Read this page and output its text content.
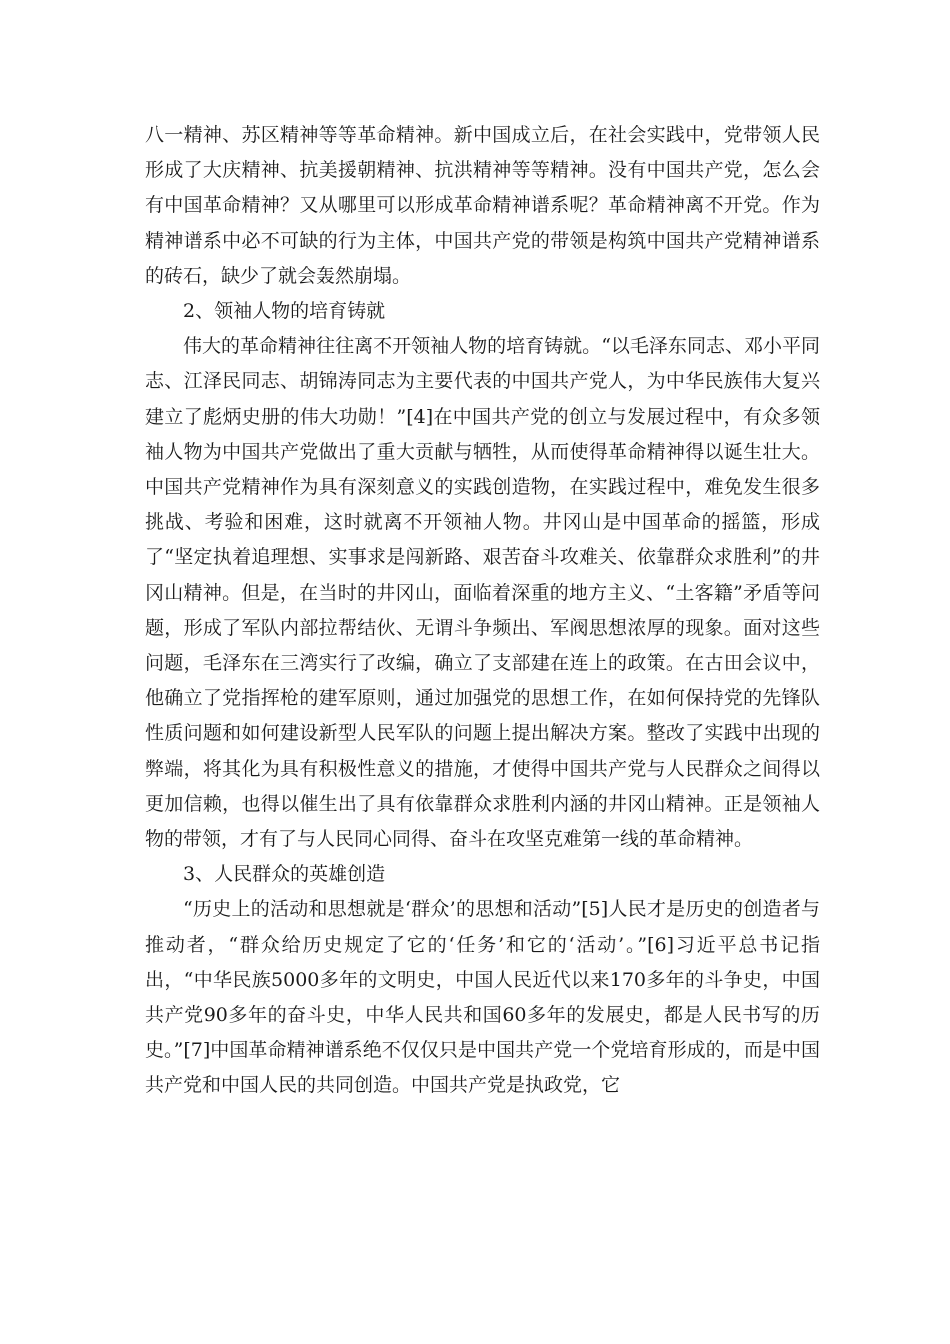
八一精神、苏区精神等等革命精神。新中国成立后，在社会实践中，党带领人民形成了大庆精神、抗美援朝精神、抗洪精神等等精神。没有中国共产党，怎么会有中国革命精神？又从哪里可以形成革命精神谱系呢？革命精神离不开党。作为精神谱系中必不可缺的行为主体，中国共产党的带领是构筑中国共产党精神谱系的砖石，缺少了就会轰然崩塌。

2、领袖人物的培育铸就

伟大的革命精神往往离不开领袖人物的培育铸就。“以毛泽东同志、邓小平同志、江泽民同志、胡锦涛同志为主要代表的中国共产党人，为中华民族伟大复兴建立了彪炳史册的伟大功勋！”[4]在中国共产党的创立与发展过程中，有众多领袖人物为中国共产党做出了重大贡献与牺牲，从而使得革命精神得以诞生壮大。中国共产党精神作为具有深刻意义的实践创造物，在实践过程中，难免发生很多挑战、考验和困难，这时就离不开领袖人物。井冈山是中国革命的摇篮，形成了“坚定执着追理想、实事求是闯新路、艰苦奋斗攻难关、依靠群众求胜利”的井冈山精神。但是，在当时的井冈山，面临着深重的地方主义、“土客籍”矛盾等问题，形成了军队内部拉帮结伙、无谓斗争频出、军阀思想浓厚的现象。面对这些问题，毛泽东在三湾实行了改编，确立了支部建在连上的政策。在古田会议中，他确立了党指挥枪的建军原则，通过加强党的思想工作，在如何保持党的先锋队性质问题和如何建设新型人民军队的问题上提出解决方案。整改了实践中出现的弊端，将其化为具有积极性意义的措施，才使得中国共产党与人民群众之间得以更加信赖，也得以催生出了具有依靠群众求胜利内涵的井冈山精神。正是领袖人物的带领，才有了与人民同心同得、奋斗在攻坚克难第一线的革命精神。

3、人民群众的英雄创造

“历史上的活动和思想就是‘群众’的思想和活动”[5]人民才是历史的创造者与推动者，“群众给历史规定了它的‘任务’和它的‘活动’。”[6]习近平总书记指出，“中华民族5000多年的文明史，中国人民近代以来170多年的斗争史，中国共产党90多年的奋斗史，中华人民共和国60多年的发展史，都是人民书写的历史。”[7]中国革命精神谱系绝不仅仅只是中国共产党一个党培育形成的，而是中国共产党和中国人民的共同创造。中国共产党是执政党，它
